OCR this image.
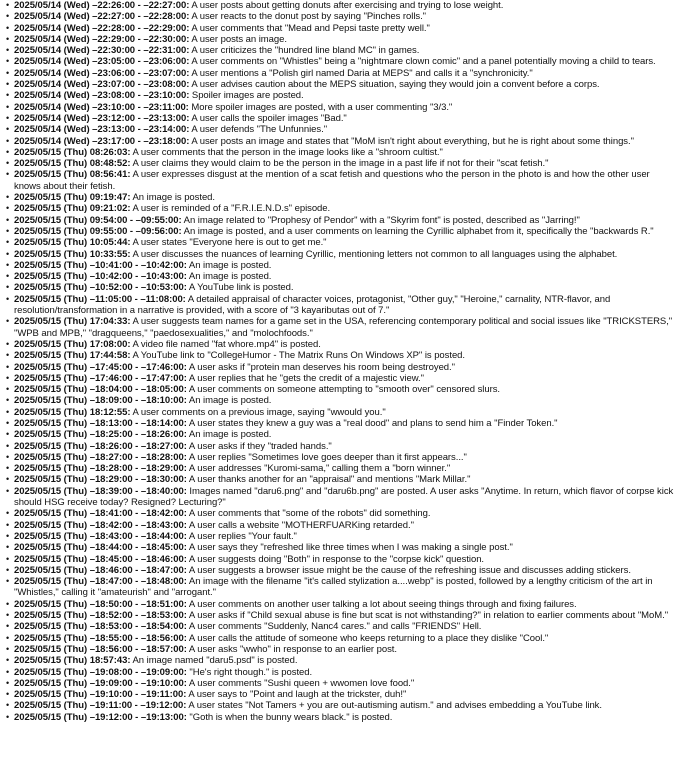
• 2025/05/14 (Wed) –22:26:00 - –22:27:00: A user posts about getting donuts after exercising and trying to lose weight.
• 2025/05/14 (Wed) –22:27:00 - –22:28:00: A user reacts to the donut post by saying "Pinches rolls."
• 2025/05/14 (Wed) –22:28:00 - –22:29:00: A user comments that "Mead and Pepsi taste pretty well."
• 2025/05/14 (Wed) –22:29:00 - –22:30:00: A user posts an image.
• 2025/05/14 (Wed) –22:30:00 - –22:31:00: A user criticizes the "hundred line bland MC" in games.
• 2025/05/14 (Wed) –23:05:00 - –23:06:00: A user comments on "Whistles" being a "nightmare clown comic" and a panel potentially moving a child to tears.
• 2025/05/14 (Wed) –23:06:00 - –23:07:00: A user mentions a "Polish girl named Daria at MEPS" and calls it a "synchronicity."
• 2025/05/14 (Wed) –23:07:00 - –23:08:00: A user advises caution about the MEPS situation, saying they would join a convent before a corps.
• 2025/05/14 (Wed) –23:08:00 - –23:10:00: Spoiler images are posted.
• 2025/05/14 (Wed) –23:10:00 - –23:11:00: More spoiler images are posted, with a user commenting "3/3."
• 2025/05/14 (Wed) –23:12:00 - –23:13:00: A user calls the spoiler images "Bad."
• 2025/05/14 (Wed) –23:13:00 - –23:14:00: A user defends "The Unfunnies."
• 2025/05/14 (Wed) –23:17:00 - –23:18:00: A user posts an image and states that "MoM isn't right about everything, but he is right about some things."
• 2025/05/15 (Thu) 08:26:03: A user comments that the person in the image looks like a "shroom cultist."
• 2025/05/15 (Thu) 08:48:52: A user claims they would claim to be the person in the image in a past life if not for their "scat fetish."
• 2025/05/15 (Thu) 08:56:41: A user expresses disgust at the mention of a scat fetish and questions who the person in the photo is and how the other user knows about their fetish.
• 2025/05/15 (Thu) 09:19:47: An image is posted.
• 2025/05/15 (Thu) 09:21:02: A user is reminded of a "F.R.I.E.N.D.s" episode.
• 2025/05/15 (Thu) 09:54:00 - –09:55:00: An image related to "Prophesy of Pendor" with a "Skyrim font" is posted, described as "Jarring!"
• 2025/05/15 (Thu) 09:55:00 - –09:56:00: An image is posted, and a user comments on learning the Cyrillic alphabet from it, specifically the "backwards R."
• 2025/05/15 (Thu) 10:05:44: A user states "Everyone here is out to get me."
• 2025/05/15 (Thu) 10:33:55: A user discusses the nuances of learning Cyrillic, mentioning letters not common to all languages using the alphabet.
• 2025/05/15 (Thu) –10:41:00 - –10:42:00: An image is posted.
• 2025/05/15 (Thu) –10:42:00 - –10:43:00: An image is posted.
• 2025/05/15 (Thu) –10:52:00 - –10:53:00: A YouTube link is posted.
• 2025/05/15 (Thu) –11:05:00 - –11:08:00: A detailed appraisal of character voices, protagonist, "Other guy," "Heroine," carnality, NTR-flavor, and resolution/transformation in a narrative is provided, with a score of "3 kayaributas out of 7."
• 2025/05/15 (Thu) 17:04:33: A user suggests team names for a game set in the USA, referencing contemporary political and social issues like "TRICKSTERS," "WPB and MPB," "dragqueens," "paedosexualities," and "molochfoods."
• 2025/05/15 (Thu) 17:08:00: A video file named "fat whore.mp4" is posted.
• 2025/05/15 (Thu) 17:44:58: A YouTube link to "CollegeHumor - The Matrix Runs On Windows XP" is posted.
• 2025/05/15 (Thu) –17:45:00 - –17:46:00: A user asks if "protein man deserves his room being destroyed."
• 2025/05/15 (Thu) –17:46:00 - –17:47:00: A user replies that he "gets the credit of a majestic view."
• 2025/05/15 (Thu) –18:04:00 - –18:05:00: A user comments on someone attempting to "smooth over" censored slurs.
• 2025/05/15 (Thu) –18:09:00 - –18:10:00: An image is posted.
• 2025/05/15 (Thu) 18:12:55: A user comments on a previous image, saying "wwould you."
• 2025/05/15 (Thu) –18:13:00 - –18:14:00: A user states they knew a guy was a "real dood" and plans to send him a "Finder Token."
• 2025/05/15 (Thu) –18:25:00 - –18:26:00: An image is posted.
• 2025/05/15 (Thu) –18:26:00 - –18:27:00: A user asks if they "traded hands."
• 2025/05/15 (Thu) –18:27:00 - –18:28:00: A user replies "Sometimes love goes deeper than it first appears..."
• 2025/05/15 (Thu) –18:28:00 - –18:29:00: A user addresses "Kuromi-sama," calling them a "born winner."
• 2025/05/15 (Thu) –18:29:00 - –18:30:00: A user thanks another for an "appraisal" and mentions "Mark Millar."
• 2025/05/15 (Thu) –18:39:00 - –18:40:00: Images named "daru6.png" and "daru6b.png" are posted. A user asks "Anytime. In return, which flavor of corpse kick should HSG receive today? Resigned? Lecturing?"
• 2025/05/15 (Thu) –18:41:00 - –18:42:00: A user comments that "some of the robots" did something.
• 2025/05/15 (Thu) –18:42:00 - –18:43:00: A user calls a website "MOTHERFUARKing retarded."
• 2025/05/15 (Thu) –18:43:00 - –18:44:00: A user replies "Your fault."
• 2025/05/15 (Thu) –18:44:00 - –18:45:00: A user says they "refreshed like three times when I was making a single post."
• 2025/05/15 (Thu) –18:45:00 - –18:46:00: A user suggests doing "Both" in response to the "corpse kick" question.
• 2025/05/15 (Thu) –18:46:00 - –18:47:00: A user suggests a browser issue might be the cause of the refreshing issue and discusses adding stickers.
• 2025/05/15 (Thu) –18:47:00 - –18:48:00: An image with the filename "it's called stylization a....webp" is posted, followed by a lengthy criticism of the art in "Whistles," calling it "amateurish" and "arrogant."
• 2025/05/15 (Thu) –18:50:00 - –18:51:00: A user comments on another user talking a lot about seeing things through and fixing failures.
• 2025/05/15 (Thu) –18:52:00 - –18:53:00: A user asks if "Child sexual abuse is fine but scat is not withstanding?" in relation to earlier comments about "MoM."
• 2025/05/15 (Thu) –18:53:00 - –18:54:00: A user comments "Suddenly, Nanc4 cares." and calls "FRIENDS" Hell.
• 2025/05/15 (Thu) –18:55:00 - –18:56:00: A user calls the attitude of someone who keeps returning to a place they dislike "Cool."
• 2025/05/15 (Thu) –18:56:00 - –18:57:00: A user asks "wwho" in response to an earlier post.
• 2025/05/15 (Thu) 18:57:43: An image named "daru5.psd" is posted.
• 2025/05/15 (Thu) –19:08:00 - –19:09:00: "He's right though." is posted.
• 2025/05/15 (Thu) –19:09:00 - –19:10:00: A user comments "Sushi queen + wwomen love food."
• 2025/05/15 (Thu) –19:10:00 - –19:11:00: A user says to "Point and laugh at the trickster, duh!"
• 2025/05/15 (Thu) –19:11:00 - –19:12:00: A user states "Not Tamers + you are out-autisming autism." and advises embedding a YouTube link.
• 2025/05/15 (Thu) –19:12:00 - –19:13:00: "Goth is when the bunny wears black." is posted.
